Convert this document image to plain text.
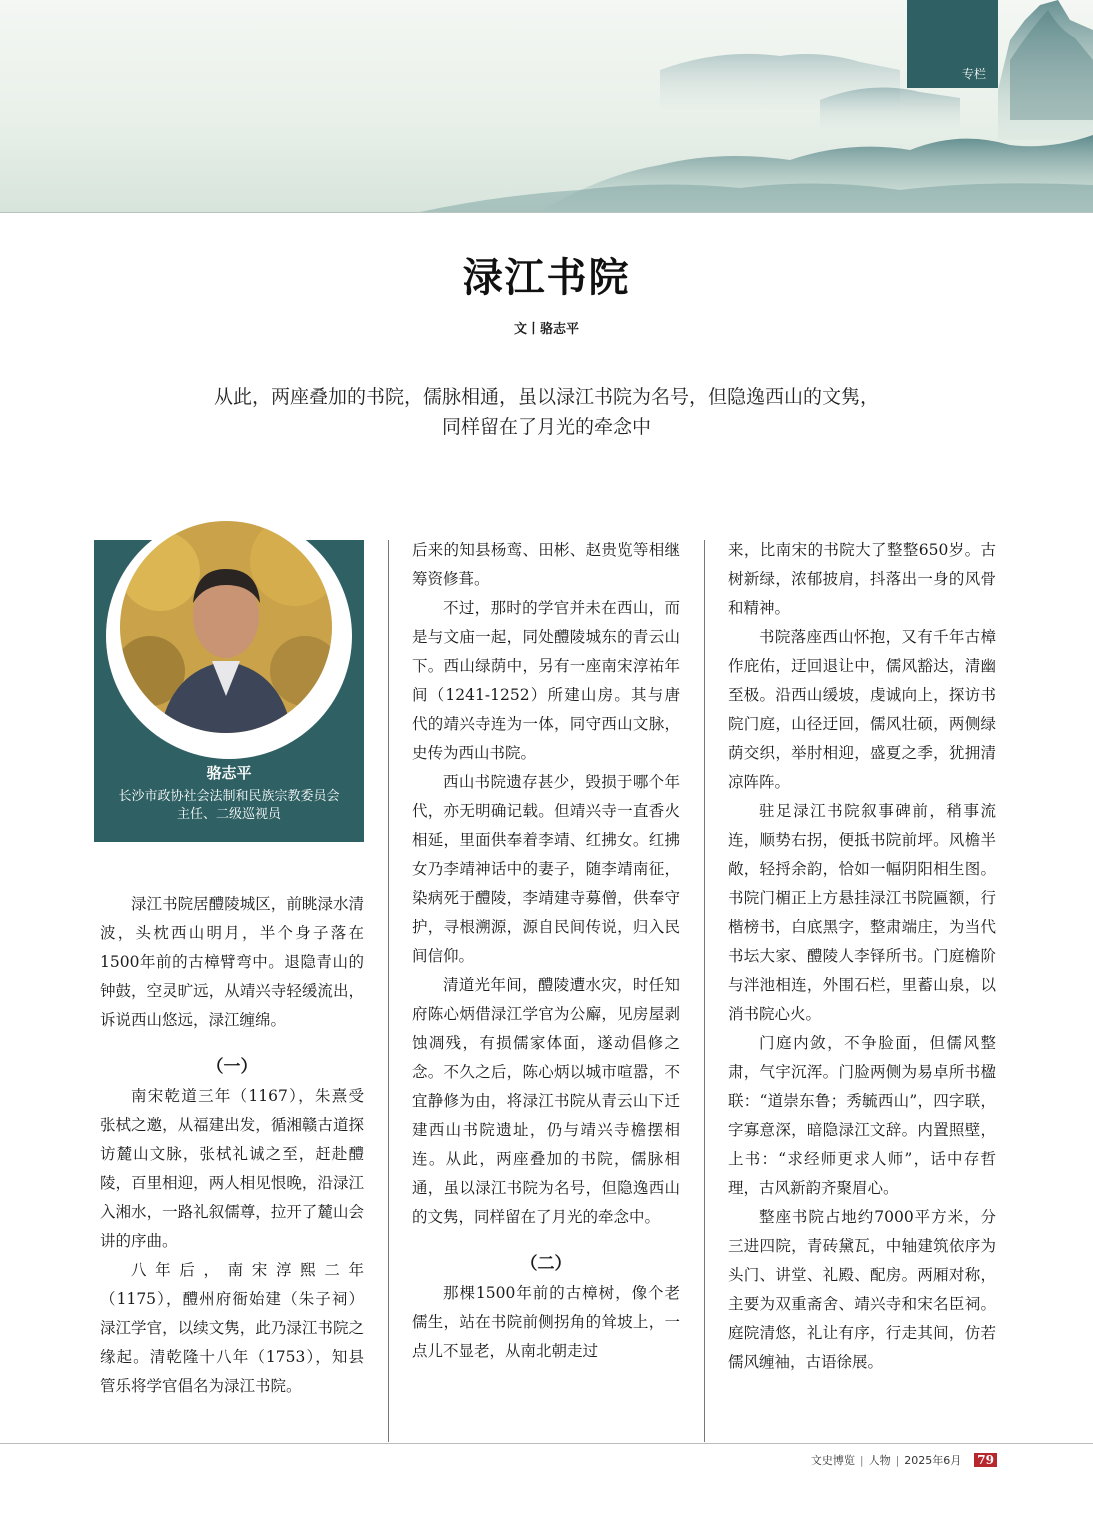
专栏
渌江书院
文丨骆志平
从此，两座叠加的书院，儒脉相通，虽以渌江书院为名号，但隐逸西山的文隽，
同样留在了月光的牵念中
骆志平
长沙市政协社会法制和民族宗教委员会
主任、二级巡视员

渌江书院居醴陵城区，前眺渌水清波，头枕西山明月，半个身子落在1500年前的古樟臂弯中。退隐青山的钟鼓，空灵旷远，从靖兴寺轻缓流出，诉说西山悠远，渌江缠绵。

（一）

南宋乾道三年（1167），朱熹受张栻之邀，从福建出发，循湘赣古道探访麓山文脉，张栻礼诚之至，赶赴醴陵，百里相迎，两人相见恨晚，沿渌江入湘水，一路礼叙儒尊，拉开了麓山会讲的序曲。

八年后，南宋淳熙二年（1175），醴州府衙始建（朱子祠）渌江学官，以续文隽，此乃渌江书院之缘起。清乾隆十八年（1753），知县管乐将学官倡名为渌江书院。

后来的知县杨鸾、田彬、赵贵览等相继筹资修葺。

不过，那时的学官并未在西山，而是与文庙一起，同处醴陵城东的青云山下。西山绿荫中，另有一座南宋淳祐年间（1241-1252）所建山房。其与唐代的靖兴寺连为一体，同守西山文脉，史传为西山书院。

西山书院遗存甚少，毁损于哪个年代，亦无明确记载。但靖兴寺一直香火相延，里面供奉着李靖、红拂女。红拂女乃李靖神话中的妻子，随李靖南征，染病死于醴陵，李靖建寺募僧，供奉守护，寻根溯源，源自民间传说，归入民间信仰。

清道光年间，醴陵遭水灾，时任知府陈心炳借渌江学官为公廨，见房屋剥蚀凋残，有损儒家体面，遂动倡修之念。不久之后，陈心炳以城市喧嚣，不宜静修为由，将渌江书院从青云山下迁建西山书院遗址，仍与靖兴寺檐摆相连。从此，两座叠加的书院，儒脉相通，虽以渌江书院为名号，但隐逸西山的文隽，同样留在了月光的牵念中。

（二）

那棵1500年前的古樟树，像个老儒生，站在书院前侧拐角的耸坡上，一点儿不显老，从南北朝走过

来，比南宋的书院大了整整650岁。古树新绿，浓郁披肩，抖落出一身的风骨和精神。

书院落座西山怀抱，又有千年古樟作庇佑，迂回退让中，儒风豁达，清幽至极。沿西山缓坡，虔诚向上，探访书院门庭，山径迂回，儒风壮硕，两侧绿荫交织，举肘相迎，盛夏之季，犹拥清凉阵阵。

驻足渌江书院叙事碑前，稍事流连，顺势右拐，便抵书院前坪。风檐半敞，轻捋余韵，恰如一幅阴阳相生图。书院门楣正上方悬挂渌江书院匾额，行楷榜书，白底黑字，整肃端庄，为当代书坛大家、醴陵人李铎所书。门庭檐阶与泮池相连，外围石栏，里蓄山泉，以消书院心火。

门庭内敛，不争脸面，但儒风整肃，气宇沉浑。门脸两侧为易卓所书楹联：“道崇东鲁；秀毓西山”，四字联，字寡意深，暗隐渌江文辞。内置照壁，上书：“求经师更求人师”，话中存哲理，古风新韵齐聚眉心。

整座书院占地约7000平方米，分三进四院，青砖黛瓦，中轴建筑依序为头门、讲堂、礼殿、配房。两厢对称，主要为双重斋舍、靖兴寺和宋名臣祠。庭院清悠，礼让有序，行走其间，仿若儒风缠袖，古语徐展。

文史博览 | 人物 | 2025年6月 79
